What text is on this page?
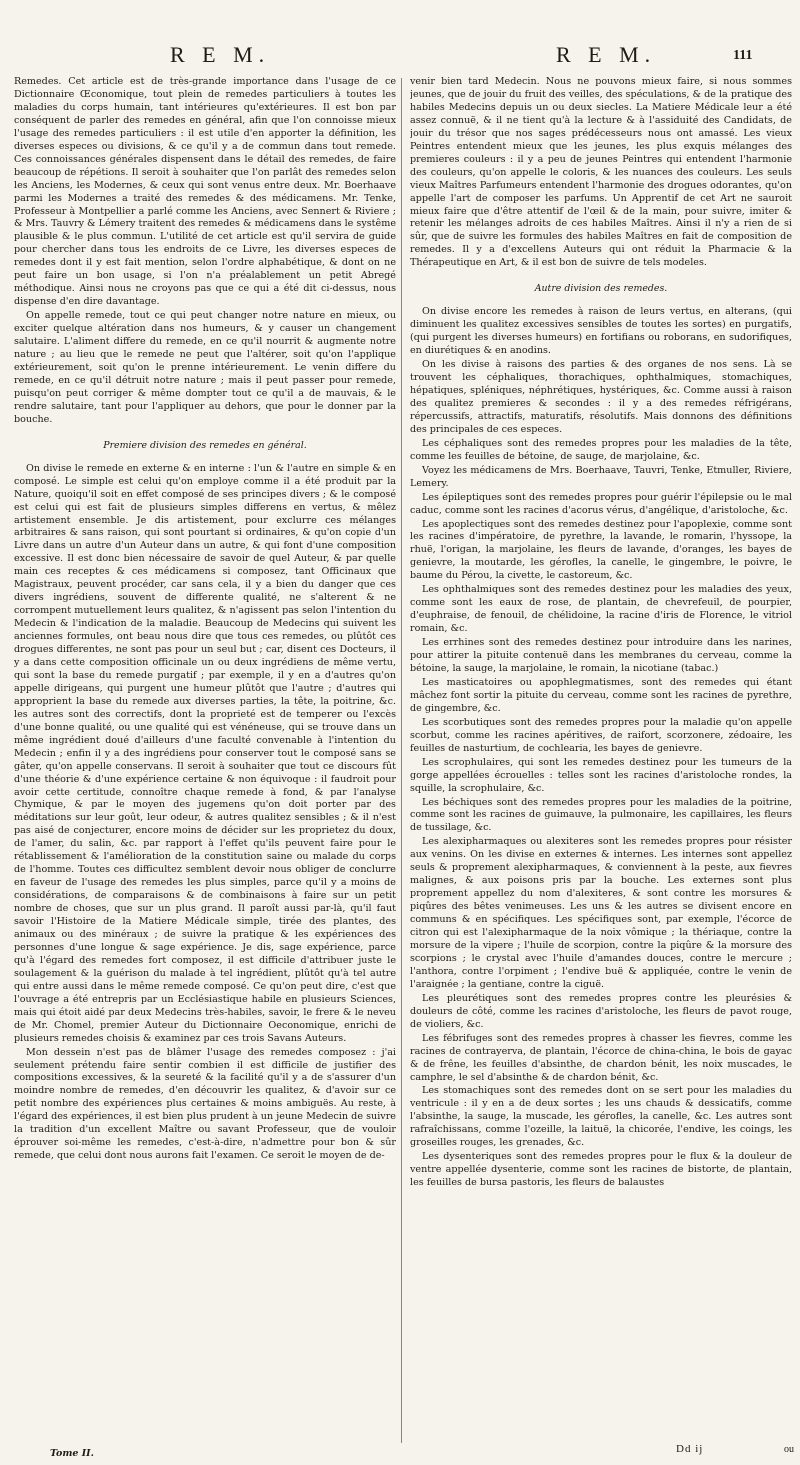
R E M.	R E M.	111

Remedes. Cet article est de très-grande importance dans l'usage de ce Dictionnaire Œconomique, tout plein de remedes particuliers à toutes les maladies du corps humain, tant intérieures qu'extérieures. Il est bon par conséquent de parler des remedes en général, afin que l'on connoisse mieux l'usage des remedes particuliers : il est utile d'en apporter la définition, les diverses especes ou divisions, & ce qu'il y a de commun dans tout remede. Ces connoissances générales dispensent dans le détail des remedes, de faire beaucoup de répétions. Il seroit à souhaiter que l'on parlât des remedes selon les Anciens, les Modernes, & ceux qui sont venus entre deux. Mr. Boerhaave parmi les Modernes a traité des remedes & des médicamens. Mr. Tenke, Professeur à Montpellier a parlé comme les Anciens, avec Sennert & Riviere ; & Mrs. Tauvry & Lémery traitent des remedes & médicamens dans le systême plausible & le plus commun. L'utilité de cet article est qu'il servira de guide pour chercher dans tous les endroits de ce Livre, les diverses especes de remedes dont il y est fait mention, selon l'ordre alphabétique, & dont on ne peut faire un bon usage, si l'on n'a préalablement un petit Abregé méthodique. Ainsi nous ne croyons pas que ce qui a été dit ci-dessus, nous dispense d'en dire davantage.

On appelle remede, tout ce qui peut changer notre nature en mieux, ou exciter quelque altération dans nos humeurs, & y causer un changement salutaire. L'aliment differe du remede, en ce qu'il nourrit & augmente notre nature ; au lieu que le remede ne peut que l'altérer, soit qu'on l'applique extérieurement, soit qu'on le prenne intérieurement. Le venin differe du remede, en ce qu'il détruit notre nature ; mais il peut passer pour remede, puisqu'on peut corriger & même dompter tout ce qu'il a de mauvais, & le rendre salutaire, tant pour l'appliquer au dehors, que pour le donner par la bouche.

Premiere division des remedes en général.

On divise le remede en externe & en interne : l'un & l'autre en simple & en composé. Le simple est celui qu'on employe comme il a été produit par la Nature, quoiqu'il soit en effet composé de ses principes divers ; & le composé est celui qui est fait de plusieurs simples differens en vertus, & mêlez artistement ensemble. Je dis artistement, pour exclurre ces mélanges arbitraires & sans raison, qui sont pourtant si ordinaires, & qu'on copie d'un Livre dans un autre d'un Auteur dans un autre, & qui font d'une composition excessive. Il est donc bien nécessaire de savoir de quel Auteur, & par quelle main ces receptes & ces médicamens si composez, tant Officinaux que Magistraux, peuvent procéder, car sans cela, il y a bien du danger que ces divers ingrédiens, souvent de differente qualité, ne s'alterent & ne corrompent mutuellement leurs qualitez, & n'agissent pas selon l'intention du Medecin & l'indication de la maladie. Beaucoup de Medecins qui suivent les anciennes formules, ont beau nous dire que tous ces remedes, ou plûtôt ces drogues differentes, ne sont pas pour un seul but ; car, disent ces Docteurs, il y a dans cette composition officinale un ou deux ingrédiens de même vertu, qui sont la base du remede purgatif ; par exemple, il y en a d'autres qu'on appelle dirigeans, qui purgent une humeur plûtôt que l'autre ; d'autres qui approprient la base du remede aux diverses parties, la tête, la poitrine, &c. les autres sont des correctifs, dont la proprieté est de temperer ou l'excès d'une bonne qualité, ou une qualité qui est vénéneuse, qui se trouve dans un même ingrédient doué d'ailleurs d'une faculté convenable à l'intention du Medecin ; enfin il y a des ingrédiens pour conserver tout le composé sans se gâter, qu'on appelle conservans. Il seroit à souhaiter que tout ce discours fût d'une théorie & d'une expérience certaine & non équivoque : il faudroit pour avoir cette certitude, connoître chaque remede à fond, & par l'analyse Chymique, & par le moyen des jugemens qu'on doit porter par des méditations sur leur goût, leur odeur, & autres qualitez sensibles ; & il n'est pas aisé de conjecturer, encore moins de décider sur les proprietez du doux, de l'amer, du salin, &c. par rapport à l'effet qu'ils peuvent faire pour le rétablissement & l'amélioration de la constitution saine ou malade du corps de l'homme. Toutes ces difficultez semblent devoir nous obliger de conclurre en faveur de l'usage des remedes les plus simples, parce qu'il y a moins de considérations, de comparaisons & de combinaisons à faire sur un petit nombre de choses, que sur un plus grand. Il paroît aussi par-là, qu'il faut savoir l'Histoire de la Matiere Médicale simple, tirée des plantes, des animaux ou des minéraux ; de suivre la pratique & les expériences des personnes d'une longue & sage expérience. Je dis, sage expérience, parce qu'à l'égard des remedes fort composez, il est difficile d'attribuer juste le soulagement & la guérison du malade à tel ingrédient, plûtôt qu'à tel autre qui entre aussi dans le même remede composé. Ce qu'on peut dire, c'est que l'ouvrage a été entrepris par un Ecclésiastique habile en plusieurs Sciences, mais qui étoit aidé par deux Medecins très-habiles, savoir, le frere & le neveu de Mr. Chomel, premier Auteur du Dictionnaire Oeconomique, enrichi de plusieurs remedes choisis & examinez par ces trois Savans Auteurs.

Mon dessein n'est pas de blâmer l'usage des remedes composez : j'ai seulement prétendu faire sentir combien il est difficile de justifier des compositions excessives, & la seureté & la facilité qu'il y a de s'assurer d'un moindre nombre de remedes, d'en découvrir les qualitez, & d'avoir sur ce petit nombre des expériences plus certaines & moins ambiguës. Au reste, à l'égard des expériences, il est bien plus prudent à un jeune Medecin de suivre la tradition d'un excellent Maître ou savant Professeur, que de vouloir éprouver soi-même les remedes, c'est-à-dire, n'admettre pour bon & sûr remede, que celui dont nous aurons fait l'examen. Ce seroit le moyen de de-

venir bien tard Medecin. Nous ne pouvons mieux faire, si nous sommes jeunes, que de jouir du fruit des veilles, des spéculations, & de la pratique des habiles Medecins depuis un ou deux siecles. La Matiere Médicale leur a été assez connuë, & il ne tient qu'à la lecture & à l'assiduité des Candidats, de jouir du trésor que nos sages prédécesseurs nous ont amassé. Les vieux Peintres entendent mieux que les jeunes, les plus exquis mélanges des premieres couleurs : il y a peu de jeunes Peintres qui entendent l'harmonie des couleurs, qu'on appelle le coloris, & les nuances des couleurs. Les seuls vieux Maîtres Parfumeurs entendent l'harmonie des drogues odorantes, qu'on appelle l'art de composer les parfums. Un Apprentif de cet Art ne sauroit mieux faire que d'être attentif de l'œil & de la main, pour suivre, imiter & retenir les mélanges adroits de ces habiles Maîtres. Ainsi il n'y a rien de si sûr, que de suivre les formules des habiles Maîtres en fait de composition de remedes. Il y a d'excellens Auteurs qui ont réduit la Pharmacie & la Thérapeutique en Art, & il est bon de suivre de tels modeles.

Autre division des remedes.

On divise encore les remedes à raison de leurs vertus, en alterans, (qui diminuent les qualitez excessives sensibles de toutes les sortes) en purgatifs, (qui purgent les diverses humeurs) en fortifians ou roborans, en sudorifiques, en diurétiques & en anodins.

On les divise à raisons des parties & des organes de nos sens. Là se trouvent les céphaliques, thorachiques, ophthalmiques, stomachiques, hépatiques, spléniques, néphrétiques, hystériques, &c. Comme aussi à raison des qualitez premieres & secondes : il y a des remedes réfrigérans, répercussifs, attractifs, maturatifs, résolutifs. Mais donnons des définitions des principales de ces especes.

Les céphaliques sont des remedes propres pour les maladies de la tête, comme les feuilles de bétoine, de sauge, de marjolaine, &c.

Voyez les médicamens de Mrs. Boerhaave, Tauvri, Tenke, Etmuller, Riviere, Lemery.

Les épileptiques sont des remedes propres pour guérir l'épilepsie ou le mal caduc, comme sont les racines d'acorus vérus, d'angélique, d'aristoloche, &c.

Les apoplectiques sont des remedes destinez pour l'apoplexie, comme sont les racines d'impératoire, de pyrethre, la lavande, le romarin, l'hyssope, la rhuë, l'origan, la marjolaine, les fleurs de lavande, d'oranges, les bayes de genievre, la moutarde, les gérofles, la canelle, le gingembre, le poivre, le baume du Pérou, la civette, le castoreum, &c.

Les ophthalmiques sont des remedes destinez pour les maladies des yeux, comme sont les eaux de rose, de plantain, de chevrefeuil, de pourpier, d'euphraise, de fenouil, de chélidoine, la racine d'iris de Florence, le vitriol romain, &c.

Les errhines sont des remedes destinez pour introduire dans les narines, pour attirer la pituite contenuë dans les membranes du cerveau, comme la bétoine, la sauge, la marjolaine, le romain, la nicotiane (tabac.)

Les masticatoires ou apophlegmatismes, sont des remedes qui étant mâchez font sortir la pituite du cerveau, comme sont les racines de pyrethre, de gingembre, &c.

Les scorbutiques sont des remedes propres pour la maladie qu'on appelle scorbut, comme les racines apéritives, de raifort, scorzonere, zédoaire, les feuilles de nasturtium, de cochlearia, les bayes de genievre.

Les scrophulaires, qui sont les remedes destinez pour les tumeurs de la gorge appellées écrouelles : telles sont les racines d'aristoloche rondes, la squille, la scrophulaire, &c.

Les béchiques sont des remedes propres pour les maladies de la poitrine, comme sont les racines de guimauve, la pulmonaire, les capillaires, les fleurs de tussilage, &c.

Les alexipharmaques ou alexiteres sont les remedes propres pour résister aux venins. On les divise en externes & internes. Les internes sont appellez seuls & proprement alexipharmaques, & conviennent à la peste, aux fievres malignes, & aux poisons pris par la bouche. Les externes sont plus proprement appellez du nom d'alexiteres, & sont contre les morsures & piqûres des bêtes venimeuses. Les uns & les autres se divisent encore en communs & en spécifiques. Les spécifiques sont, par exemple, l'écorce de citron qui est l'alexipharmaque de la noix vômique ; la thériaque, contre la morsure de la vipere ; l'huile de scorpion, contre la piqûre & la morsure des scorpions ; le crystal avec l'huile d'amandes douces, contre le mercure ; l'anthora, contre l'orpiment ; l'endive buë & appliquée, contre le venin de l'araignée ; la gentiane, contre la ciguë.

Les pleurétiques sont des remedes propres contre les pleurésies & douleurs de côté, comme les racines d'aristoloche, les fleurs de pavot rouge, de violiers, &c.

Les fébrifuges sont des remedes propres à chasser les fievres, comme les racines de contrayerva, de plantain, l'écorce de china-china, le bois de gayac & de frêne, les feuilles d'absinthe, de chardon bénit, les noix muscades, le camphre, le sel d'absinthe & de chardon bénit, &c.

Les stomachiques sont des remedes dont on se sert pour les maladies du ventricule : il y en a de deux sortes ; les uns chauds & dessicatifs, comme l'absinthe, la sauge, la muscade, les gérofles, la canelle, &c. Les autres sont rafraîchissans, comme l'ozeille, la laituë, la chicorée, l'endive, les coings, les groseilles rouges, les grenades, &c.

Les dysenteriques sont des remedes propres pour le flux & la douleur de ventre appellée dysenterie, comme sont les racines de bistorte, de plantain, les feuilles de bursa pastoris, les fleurs de balaustes

Tome II.	Dd ij	ou
